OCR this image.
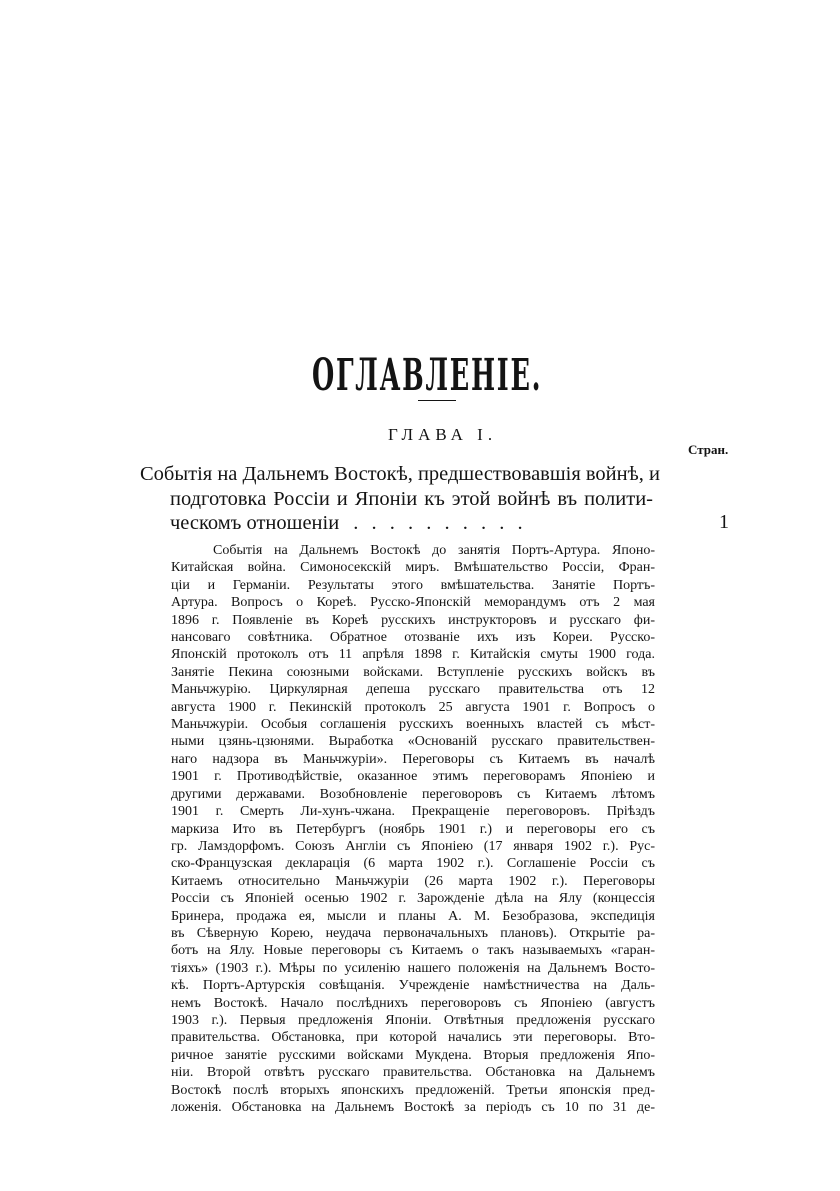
ОГЛАВЛЕНІЕ.
ГЛАВА I.
Стран.
Событія на Дальнемъ Востокѣ, предшествовавшія войнѣ, и
подготовка Россіи и Японіи къ этой войнѣ въ полити-
ческомъ отношеніи . . . . . . . . . .	1
Событія на Дальнемъ Востокѣ до занятія Портъ-Артура. Японо-
Китайская война. Симоносекскій миръ. Вмѣшательство Россіи, Фран-
ціи и Германіи. Результаты этого вмѣшательства. Занятіе Портъ-
Артура. Вопросъ о Кореѣ. Русско-Японскій меморандумъ отъ 2 мая
1896 г. Появленіе въ Кореѣ русскихъ инструкторовъ и русскаго фи-
нансоваго совѣтника. Обратное отозваніе ихъ изъ Кореи. Русско-
Японскій протоколъ отъ 11 апрѣля 1898 г. Китайскія смуты 1900 года.
Занятіе Пекина союзными войсками. Вступленіе русскихъ войскъ въ
Маньчжурію. Циркулярная депеша русскаго правительства отъ 12
августа 1900 г. Пекинскій протоколъ 25 августа 1901 г. Вопросъ о
Маньчжуріи. Особыя соглашенія русскихъ военныхъ властей съ мѣст-
ными цзянь-цзюнями. Выработка «Основаній русскаго правительствен-
наго надзора въ Маньчжуріи». Переговоры съ Китаемъ въ началѣ
1901 г. Противодѣйствіе, оказанное этимъ переговорамъ Японіею и
другими державами. Возобновленіе переговоровъ съ Китаемъ лѣтомъ
1901 г. Смерть Ли-хунъ-чжана. Прекращеніе переговоровъ. Пріѣздъ
маркиза Ито въ Петербургъ (ноябрь 1901 г.) и переговоры его съ
гр. Ламздорфомъ. Союзъ Англіи съ Японіею (17 января 1902 г.). Рус-
ско-Французская декларація (6 марта 1902 г.). Соглашеніе Россіи съ
Китаемъ относительно Маньчжуріи (26 марта 1902 г.). Переговоры
Россіи съ Японіей осенью 1902 г. Зарожденіе дѣла на Ялу (концессія
Бринера, продажа ея, мысли и планы А. М. Безобразова, экспедиція
въ Сѣверную Корею, неудача первоначальныхъ плановъ). Открытіе ра-
ботъ на Ялу. Новые переговоры съ Китаемъ о такъ называемыхъ «гаран-
тіяхъ» (1903 г.). Мѣры по усиленію нашего положенія на Дальнемъ Восто-
кѣ. Портъ-Артурскія совѣщанія. Учрежденіе намѣстничества на Даль-
немъ Востокѣ. Начало послѣднихъ переговоровъ съ Японіею (августъ
1903 г.). Первыя предложенія Японіи. Отвѣтныя предложенія русскаго
правительства. Обстановка, при которой начались эти переговоры. Вто-
ричное занятіе русскими войсками Мукдена. Вторыя предложенія Япо-
ніи. Второй отвѣтъ русскаго правительства. Обстановка на Дальнемъ
Востокѣ послѣ вторыхъ японскихъ предложеній. Третьи японскія пред-
ложенія. Обстановка на Дальнемъ Востокѣ за періодъ съ 10 по 31 де-
